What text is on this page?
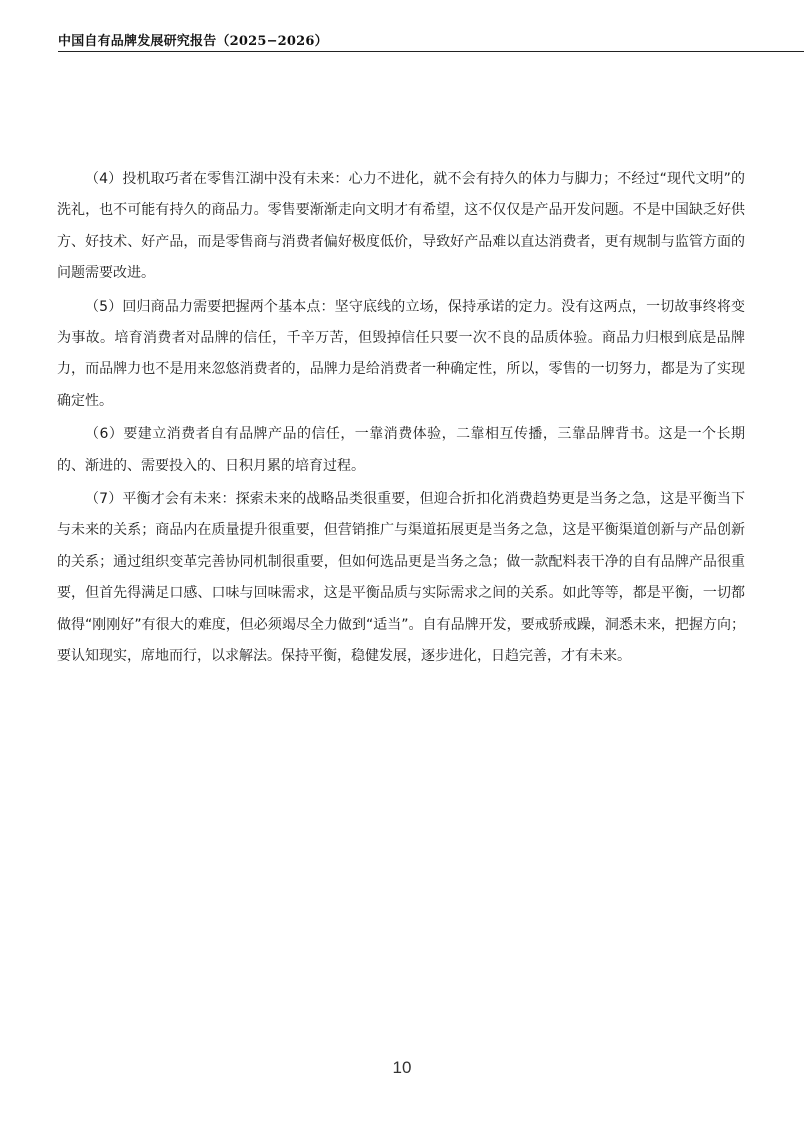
中国自有品牌发展研究报告（2025−2026）

（4）投机取巧者在零售江湖中没有未来：心力不进化，就不会有持久的体力与脚力；不经过“现代文明”的洗礼，也不可能有持久的商品力。零售要渐渐走向文明才有希望，这不仅仅是产品开发问题。不是中国缺乏好供方、好技术、好产品，而是零售商与消费者偏好极度低价，导致好产品难以直达消费者，更有规制与监管方面的问题需要改进。

（5）回归商品力需要把握两个基本点：坚守底线的立场，保持承诺的定力。没有这两点，一切故事终将变为事故。培育消费者对品牌的信任，千辛万苦，但毁掉信任只要一次不良的品质体验。商品力归根到底是品牌力，而品牌力也不是用来忽悠消费者的，品牌力是给消费者一种确定性，所以，零售的一切努力，都是为了实现确定性。

（6）要建立消费者自有品牌产品的信任，一靠消费体验，二靠相互传播，三靠品牌背书。这是一个长期的、渐进的、需要投入的、日积月累的培育过程。

（7）平衡才会有未来：探索未来的战略品类很重要，但迎合折扣化消费趋势更是当务之急，这是平衡当下与未来的关系；商品内在质量提升很重要，但营销推广与渠道拓展更是当务之急，这是平衡渠道创新与产品创新的关系；通过组织变革完善协同机制很重要，但如何选品更是当务之急；做一款配料表干净的自有品牌产品很重要，但首先得满足口感、口味与回味需求，这是平衡品质与实际需求之间的关系。如此等等，都是平衡，一切都做得“刚刚好”有很大的难度，但必须竭尽全力做到“适当”。自有品牌开发，要戒骄戒躁，洞悉未来，把握方向；要认知现实，席地而行，以求解法。保持平衡，稳健发展，逐步进化，日趋完善，才有未来。

10
